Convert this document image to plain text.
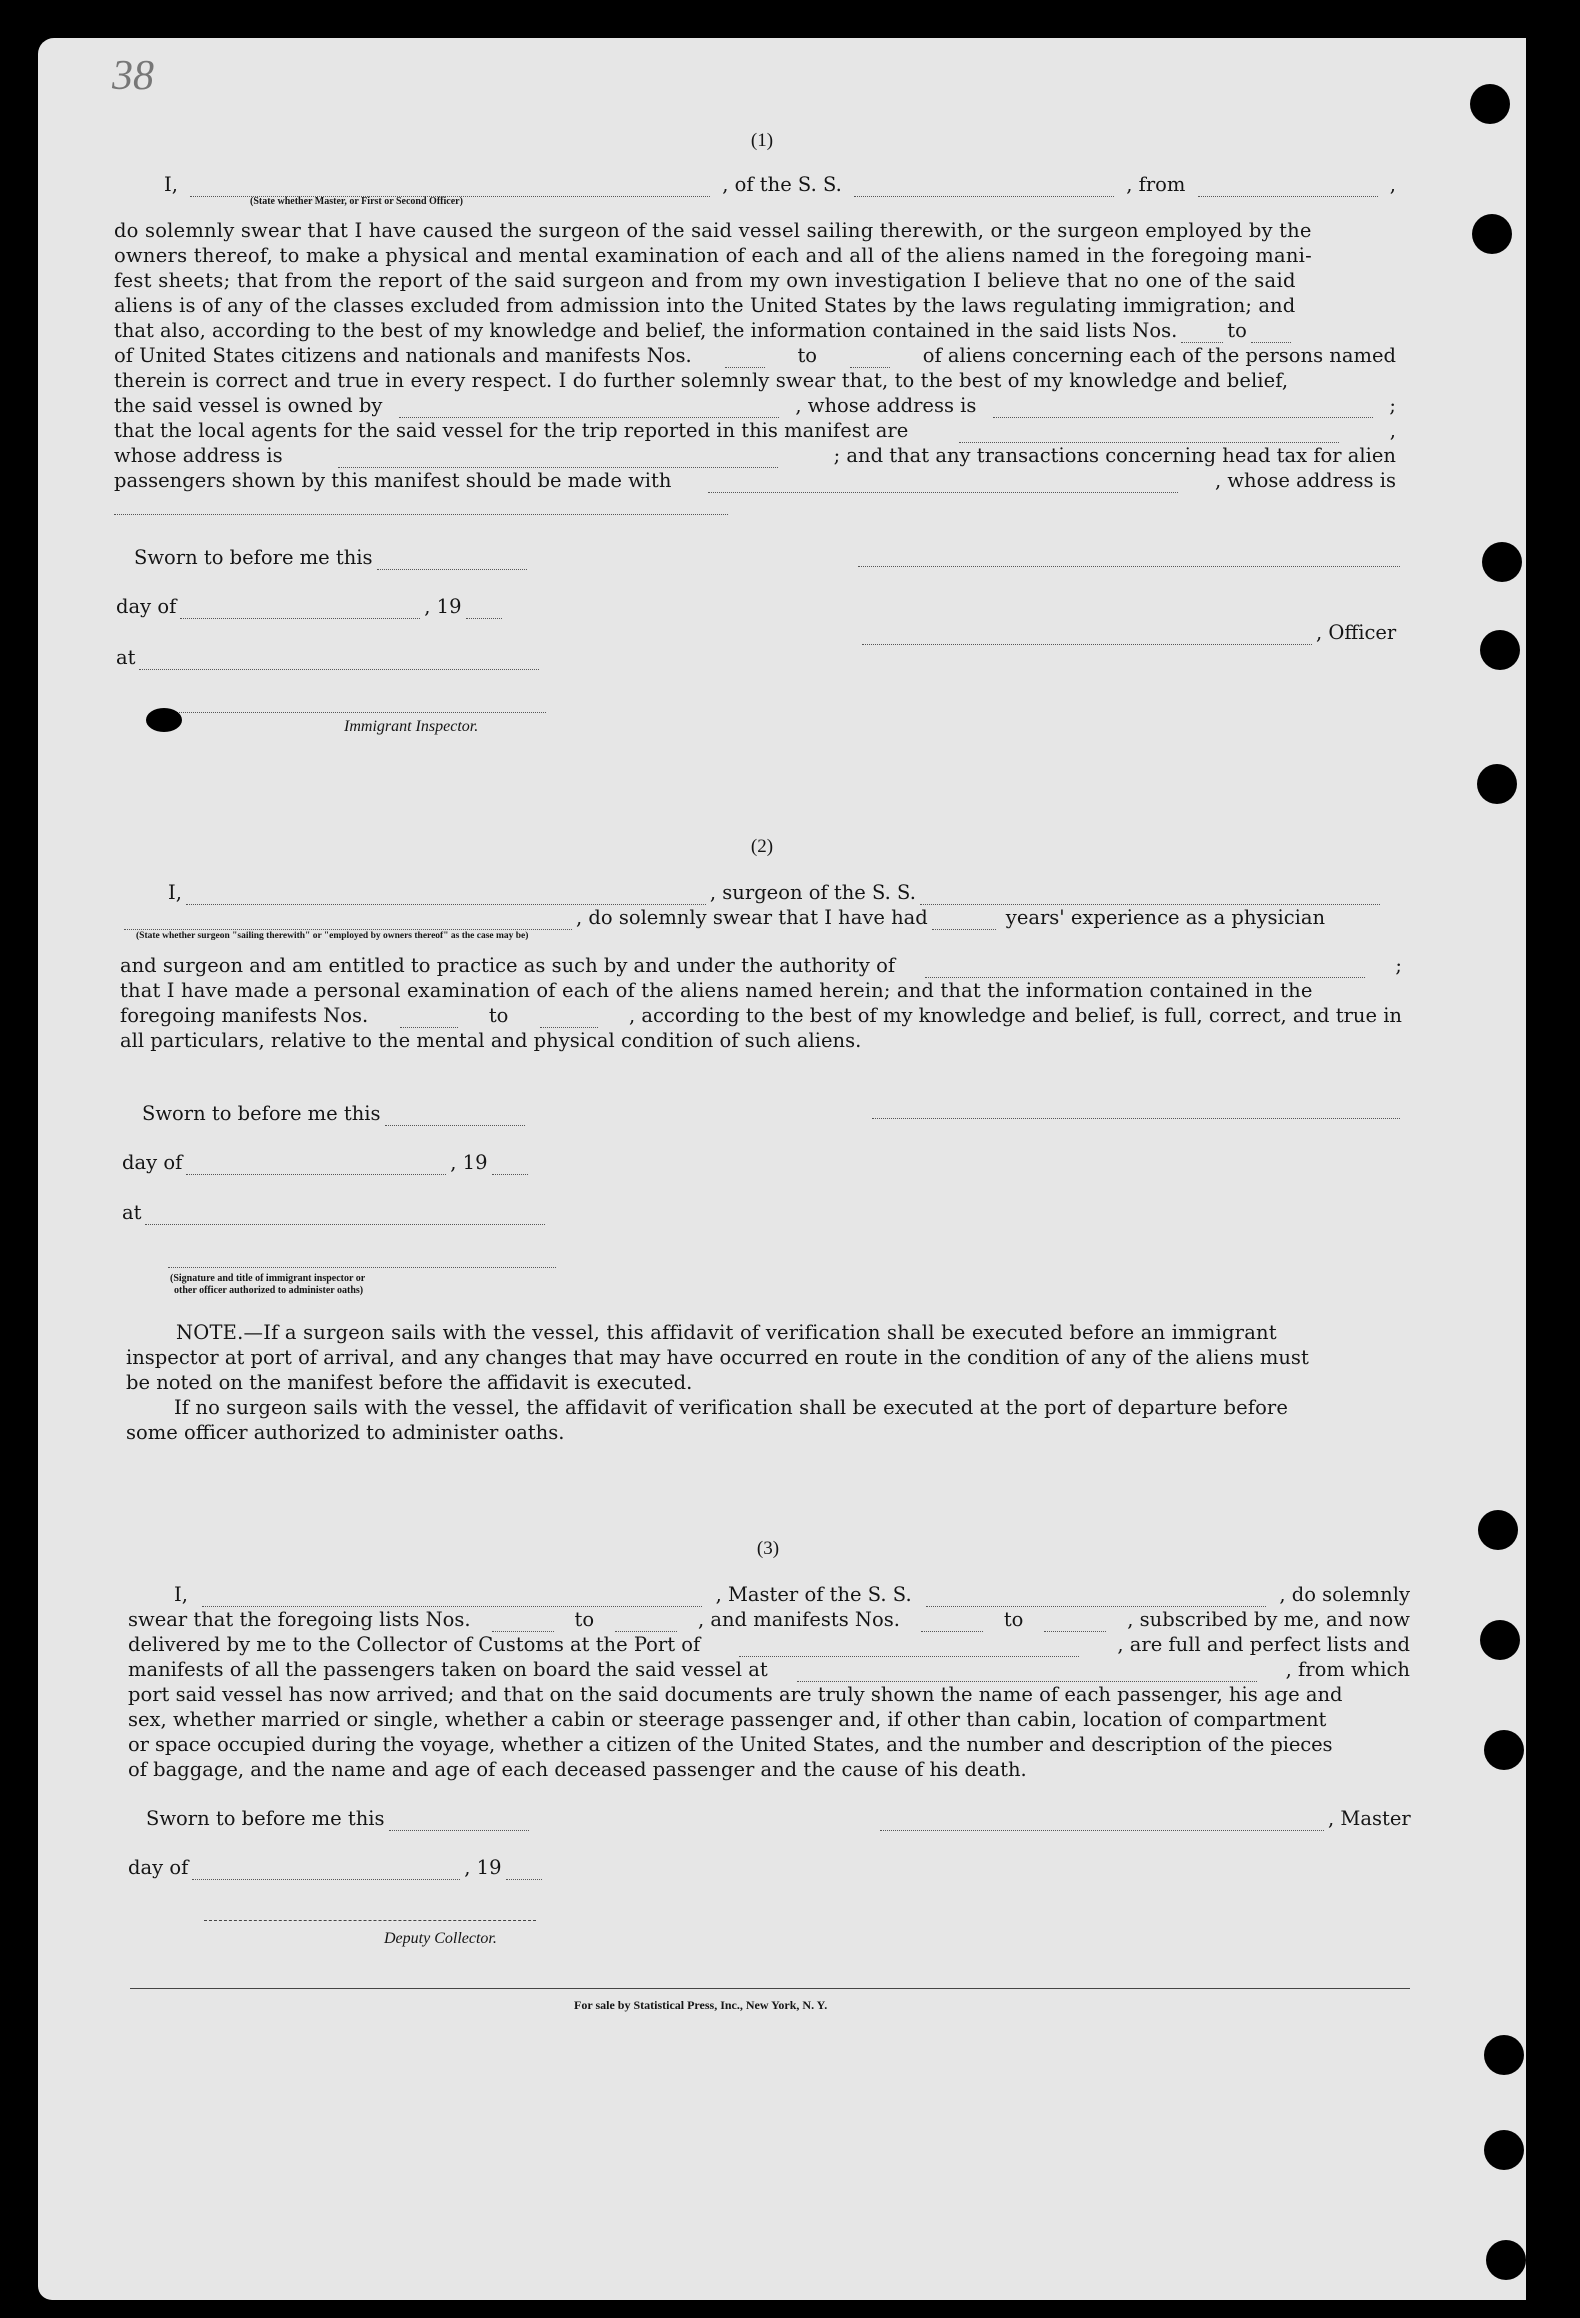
38
(1)
I,	, of the S. S.	, from	,
(State whether Master, or First or Second Officer)
do solemnly swear that I have caused the surgeon of the said vessel sailing therewith, or the surgeon employed by the
owners thereof, to make a physical and mental examination of each and all of the aliens named in the foregoing mani-
fest sheets; that from the report of the said surgeon and from my own investigation I believe that no one of the said
aliens is of any of the classes excluded from admission into the United States by the laws regulating immigration; and
that also, according to the best of my knowledge and belief, the information contained in the said lists Nos.	to
of United States citizens and nationals and manifests Nos.	to	of aliens concerning each of the persons named
therein is correct and true in every respect. I do further solemnly swear that, to the best of my knowledge and belief,
the said vessel is owned by	, whose address is	;
that the local agents for the said vessel for the trip reported in this manifest are	,
whose address is	; and that any transactions concerning head tax for alien
passengers shown by this manifest should be made with	, whose address is
Sworn to before me this
day of	, 19
, Officer
at
Immigrant Inspector.
(2)
I,	, surgeon of the S. S.
, do solemnly swear that I have had	years' experience as a physician
(State whether surgeon "sailing therewith" or "employed by owners thereof" as the case may be)
and surgeon and am entitled to practice as such by and under the authority of	;
that I have made a personal examination of each of the aliens named herein; and that the information contained in the
foregoing manifests Nos.	to	, according to the best of my knowledge and belief, is full, correct, and true in
all particulars, relative to the mental and physical condition of such aliens.
Sworn to before me this
day of	, 19
at
(Signature and title of immigrant inspector or
other officer authorized to administer oaths)
NOTE.—If a surgeon sails with the vessel, this affidavit of verification shall be executed before an immigrant
inspector at port of arrival, and any changes that may have occurred en route in the condition of any of the aliens must
be noted on the manifest before the affidavit is executed.
If no surgeon sails with the vessel, the affidavit of verification shall be executed at the port of departure before
some officer authorized to administer oaths.
(3)
I,	, Master of the S. S.	, do solemnly
swear that the foregoing lists Nos.	to	, and manifests Nos.	to	, subscribed by me, and now
delivered by me to the Collector of Customs at the Port of	, are full and perfect lists and
manifests of all the passengers taken on board the said vessel at	, from which
port said vessel has now arrived; and that on the said documents are truly shown the name of each passenger, his age and
sex, whether married or single, whether a cabin or steerage passenger and, if other than cabin, location of compartment
or space occupied during the voyage, whether a citizen of the United States, and the number and description of the pieces
of baggage, and the name and age of each deceased passenger and the cause of his death.
Sworn to before me this	, Master
day of	, 19
Deputy Collector.
For sale by Statistical Press, Inc., New York, N. Y.
